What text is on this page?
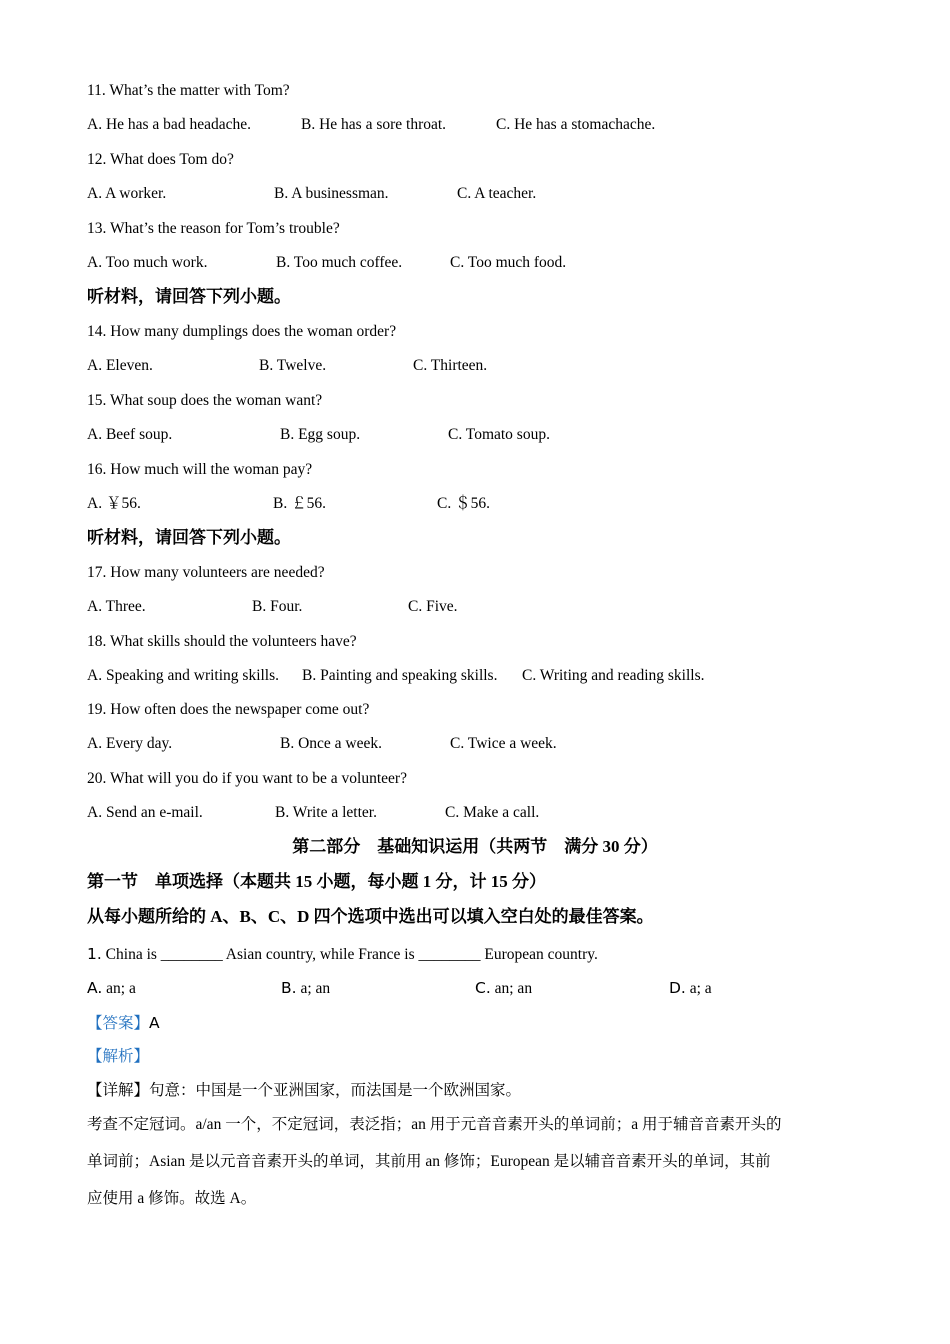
11. What’s the matter with Tom?
A. He has a bad headache.	B. He has a sore throat.	C. He has a stomachache.
12. What does Tom do?
A. A worker.	B. A businessman.	C. A teacher.
13. What’s the reason for Tom’s trouble?
A. Too much work.	B. Too much coffee.	C. Too much food.
听材料，请回答下列小题。
14. How many dumplings does the woman order?
A. Eleven.	B. Twelve.	C. Thirteen.
15. What soup does the woman want?
A. Beef soup.	B. Egg soup.	C. Tomato soup.
16. How much will the woman pay?
A. ￥56.	B. ￡56.	C. ＄56.
听材料，请回答下列小题。
17. How many volunteers are needed?
A. Three.	B. Four.	C. Five.
18. What skills should the volunteers have?
A. Speaking and writing skills. B. Painting and speaking skills. C. Writing and reading skills.
19. How often does the newspaper come out?
A. Every day.	B. Once a week.	C. Twice a week.
20. What will you do if you want to be a volunteer?
A. Send an e-mail.	B. Write a letter.	C. Make a call.
第二部分　基础知识运用（共两节　满分 30 分）
第一节　单项选择（本题共 15 小题，每小题 1 分，计 15 分）
从每小题所给的 A、B、C、D 四个选项中选出可以填入空白处的最佳答案。
1. China is ________ Asian country, while France is ________ European country.
A. an; a	B. a; an	C. an; an	D. a; a
【答案】A
【解析】
【详解】句意：中国是一个亚洲国家，而法国是一个欧洲国家。
考查不定冠词。a/an 一个，不定冠词，表泛指；an 用于元音音素开头的单词前；a 用于辅音音素开头的
单词前；Asian 是以元音音素开头的单词，其前用 an 修饰；European 是以辅音音素开头的单词，其前
应使用 a 修饰。故选 A。
